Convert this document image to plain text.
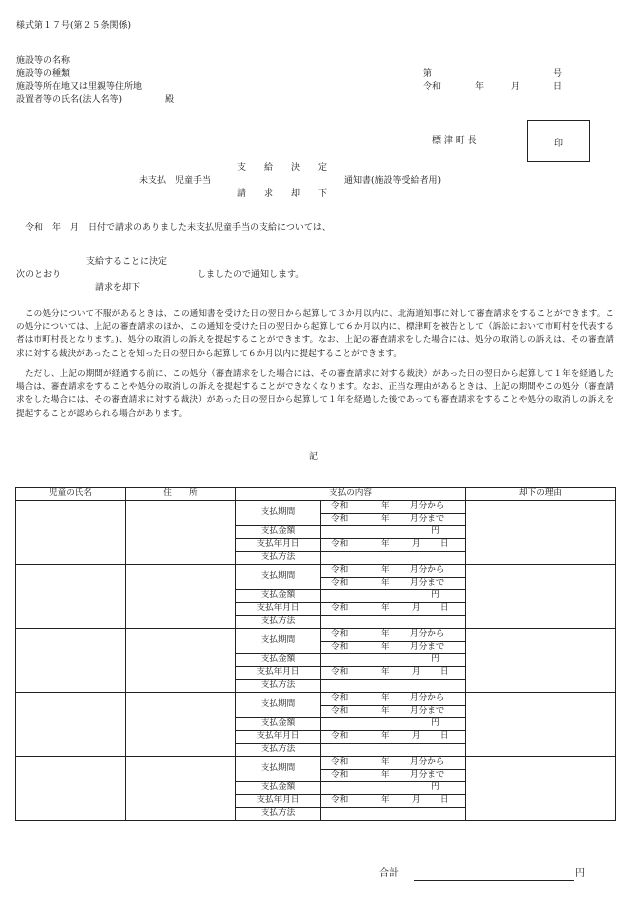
様式第１７号(第２５条関係)
施設等の名称
施設等の種類
施設等所在地又は里親等住所地
設置者等の氏名(法人名等)	殿
第	号
令和	年	月	日
標 津 町 長	印
支　　給　　決　　定
未支払　児童手当	通知書(施設等受給者用)
請　　求　　却　　下
令和　年　月　日付で請求のありました未支払児童手当の支給については、
支給することに決定
次のとおり	しましたので通知します。
請求を却下
この処分について不服があるときは、この通知書を受けた日の翌日から起算して３か月以内に、北海道知事に対して審査請求をすることができます。この処分については、上記の審査請求のほか、この通知を受けた日の翌日から起算して６か月以内に、標津町を被告として（訴訟において市町村を代表する者は市町村長となります。)、処分の取消しの訴えを提起することができます。なお、上記の審査請求をした場合には、処分の取消しの訴えは、その審査請求に対する裁決があったことを知った日の翌日から起算して６か月以内に提起することができます。
ただし、上記の期間が経過する前に、この処分（審査請求をした場合には、その審査請求に対する裁決）があった日の翌日から起算して１年を経過した場合は、審査請求をすることや処分の取消しの訴えを提起することができなくなります。なお、正当な理由があるときは、上記の期間やこの処分（審査請求をした場合には、その審査請求に対する裁決）があった日の翌日から起算して１年を経過した後であっても審査請求をすることや処分の取消しの訴えを提起することが認められる場合があります。
記
児童の氏名	住　　所	支払の内容		却下の理由
		支払期間	令和 年 月分から	

			令和 年 月分まで	

		支払金額	円	

		支払年月日	令和 年 月 日	

		支払方法		
		支払期間	令和 年 月分から	

			令和 年 月分まで	

		支払金額	円	

		支払年月日	令和 年 月 日	

		支払方法		
		支払期間	令和 年 月分から	

			令和 年 月分まで	

		支払金額	円	

		支払年月日	令和 年 月 日	

		支払方法		
		支払期間	令和 年 月分から	

			令和 年 月分まで	

		支払金額	円	

		支払年月日	令和 年 月 日	

		支払方法		
		支払期間	令和 年 月分から	

			令和 年 月分まで	

		支払金額	円	

		支払年月日	令和 年 月 日	

		支払方法		
合計	円
